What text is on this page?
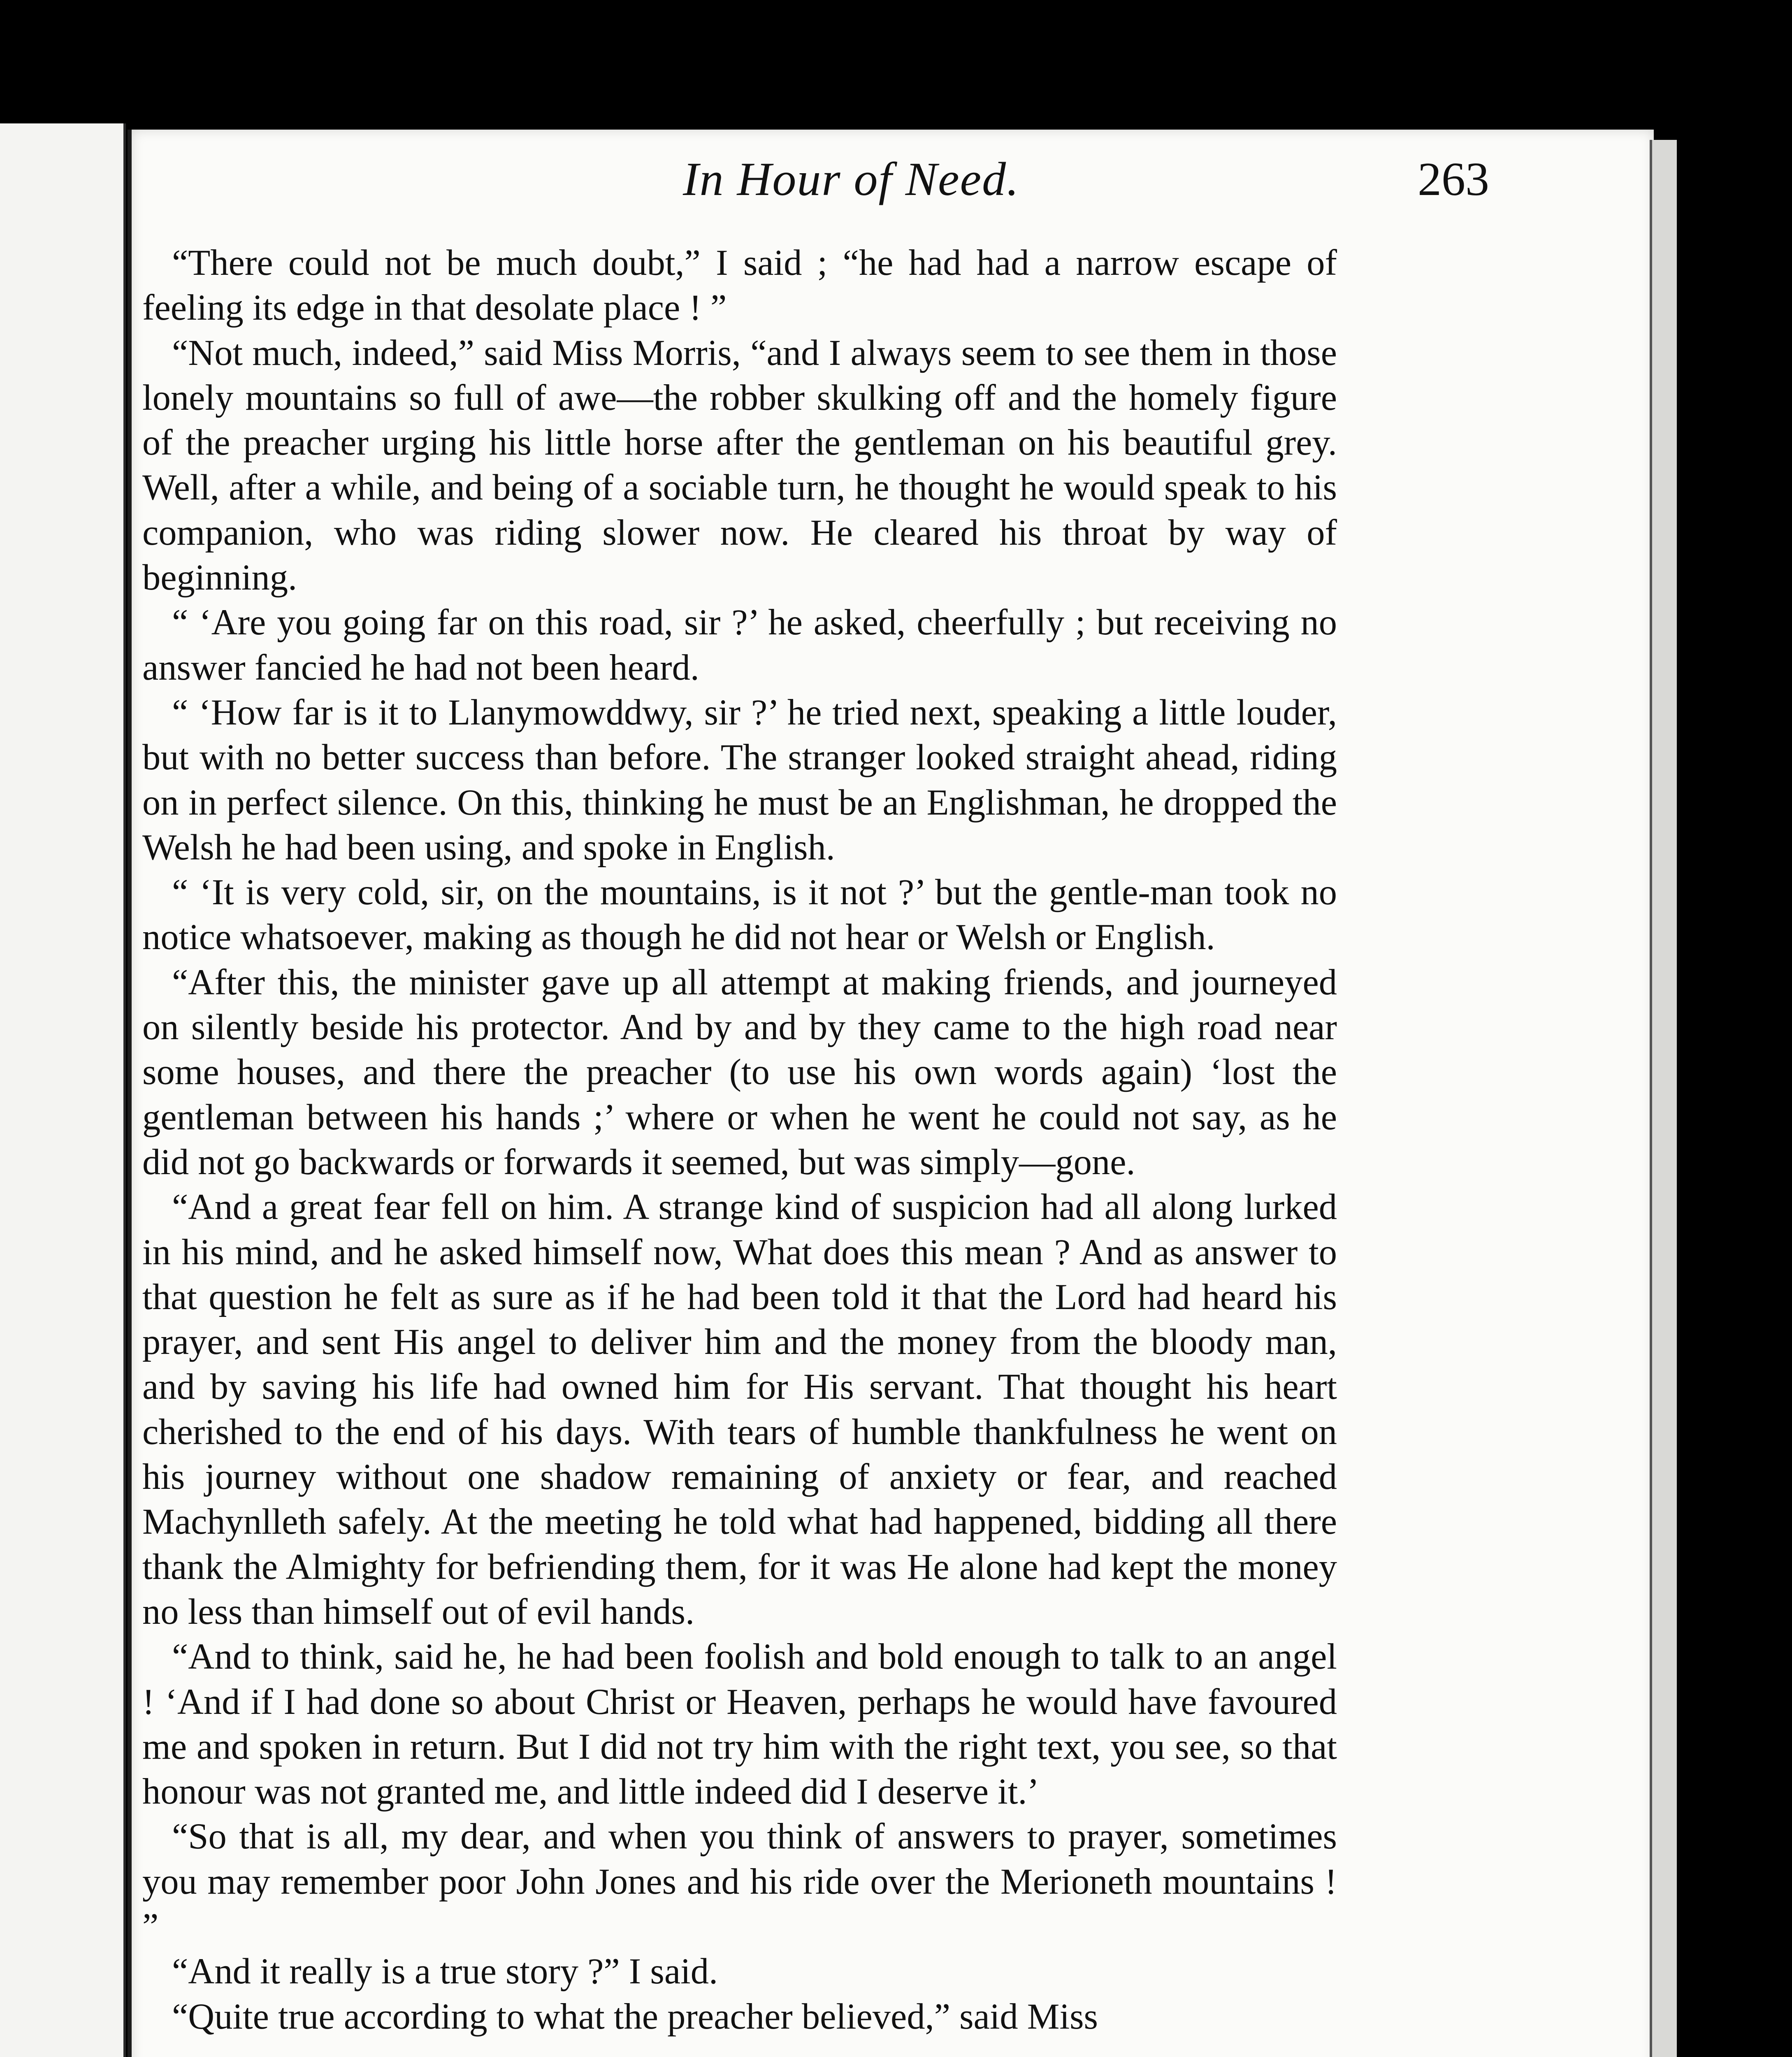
In Hour of Need.	263

“There could not be much doubt,” I said ; “he had had a narrow escape of feeling its edge in that desolate place ! ”

“Not much, indeed,” said Miss Morris, “and I always seem to see them in those lonely mountains so full of awe—the robber skulking off and the homely figure of the preacher urging his little horse after the gentleman on his beautiful grey. Well, after a while, and being of a sociable turn, he thought he would speak to his companion, who was riding slower now. He cleared his throat by way of beginning.

“ ‘Are you going far on this road, sir ?’ he asked, cheerfully ; but receiving no answer fancied he had not been heard.

“ ‘How far is it to Llanymowddwy, sir ?’ he tried next, speaking a little louder, but with no better success than before. The stranger looked straight ahead, riding on in perfect silence. On this, thinking he must be an Englishman, he dropped the Welsh he had been using, and spoke in English.

“ ‘It is very cold, sir, on the mountains, is it not ?’ but the gentle-man took no notice whatsoever, making as though he did not hear or Welsh or English.

“After this, the minister gave up all attempt at making friends, and journeyed on silently beside his protector. And by and by they came to the high road near some houses, and there the preacher (to use his own words again) ‘lost the gentleman between his hands ;’ where or when he went he could not say, as he did not go backwards or forwards it seemed, but was simply—gone.

“And a great fear fell on him. A strange kind of suspicion had all along lurked in his mind, and he asked himself now, What does this mean ? And as answer to that question he felt as sure as if he had been told it that the Lord had heard his prayer, and sent His angel to deliver him and the money from the bloody man, and by saving his life had owned him for His servant. That thought his heart cherished to the end of his days. With tears of humble thankfulness he went on his journey without one shadow remaining of anxiety or fear, and reached Machynlleth safely. At the meeting he told what had happened, bidding all there thank the Almighty for befriending them, for it was He alone had kept the money no less than himself out of evil hands.

“And to think, said he, he had been foolish and bold enough to talk to an angel ! ‘And if I had done so about Christ or Heaven, perhaps he would have favoured me and spoken in return. But I did not try him with the right text, you see, so that honour was not granted me, and little indeed did I deserve it.’

“So that is all, my dear, and when you think of answers to prayer, sometimes you may remember poor John Jones and his ride over the Merioneth mountains ! ”

“And it really is a true story ?” I said.

“Quite true according to what the preacher believed,” said Miss
